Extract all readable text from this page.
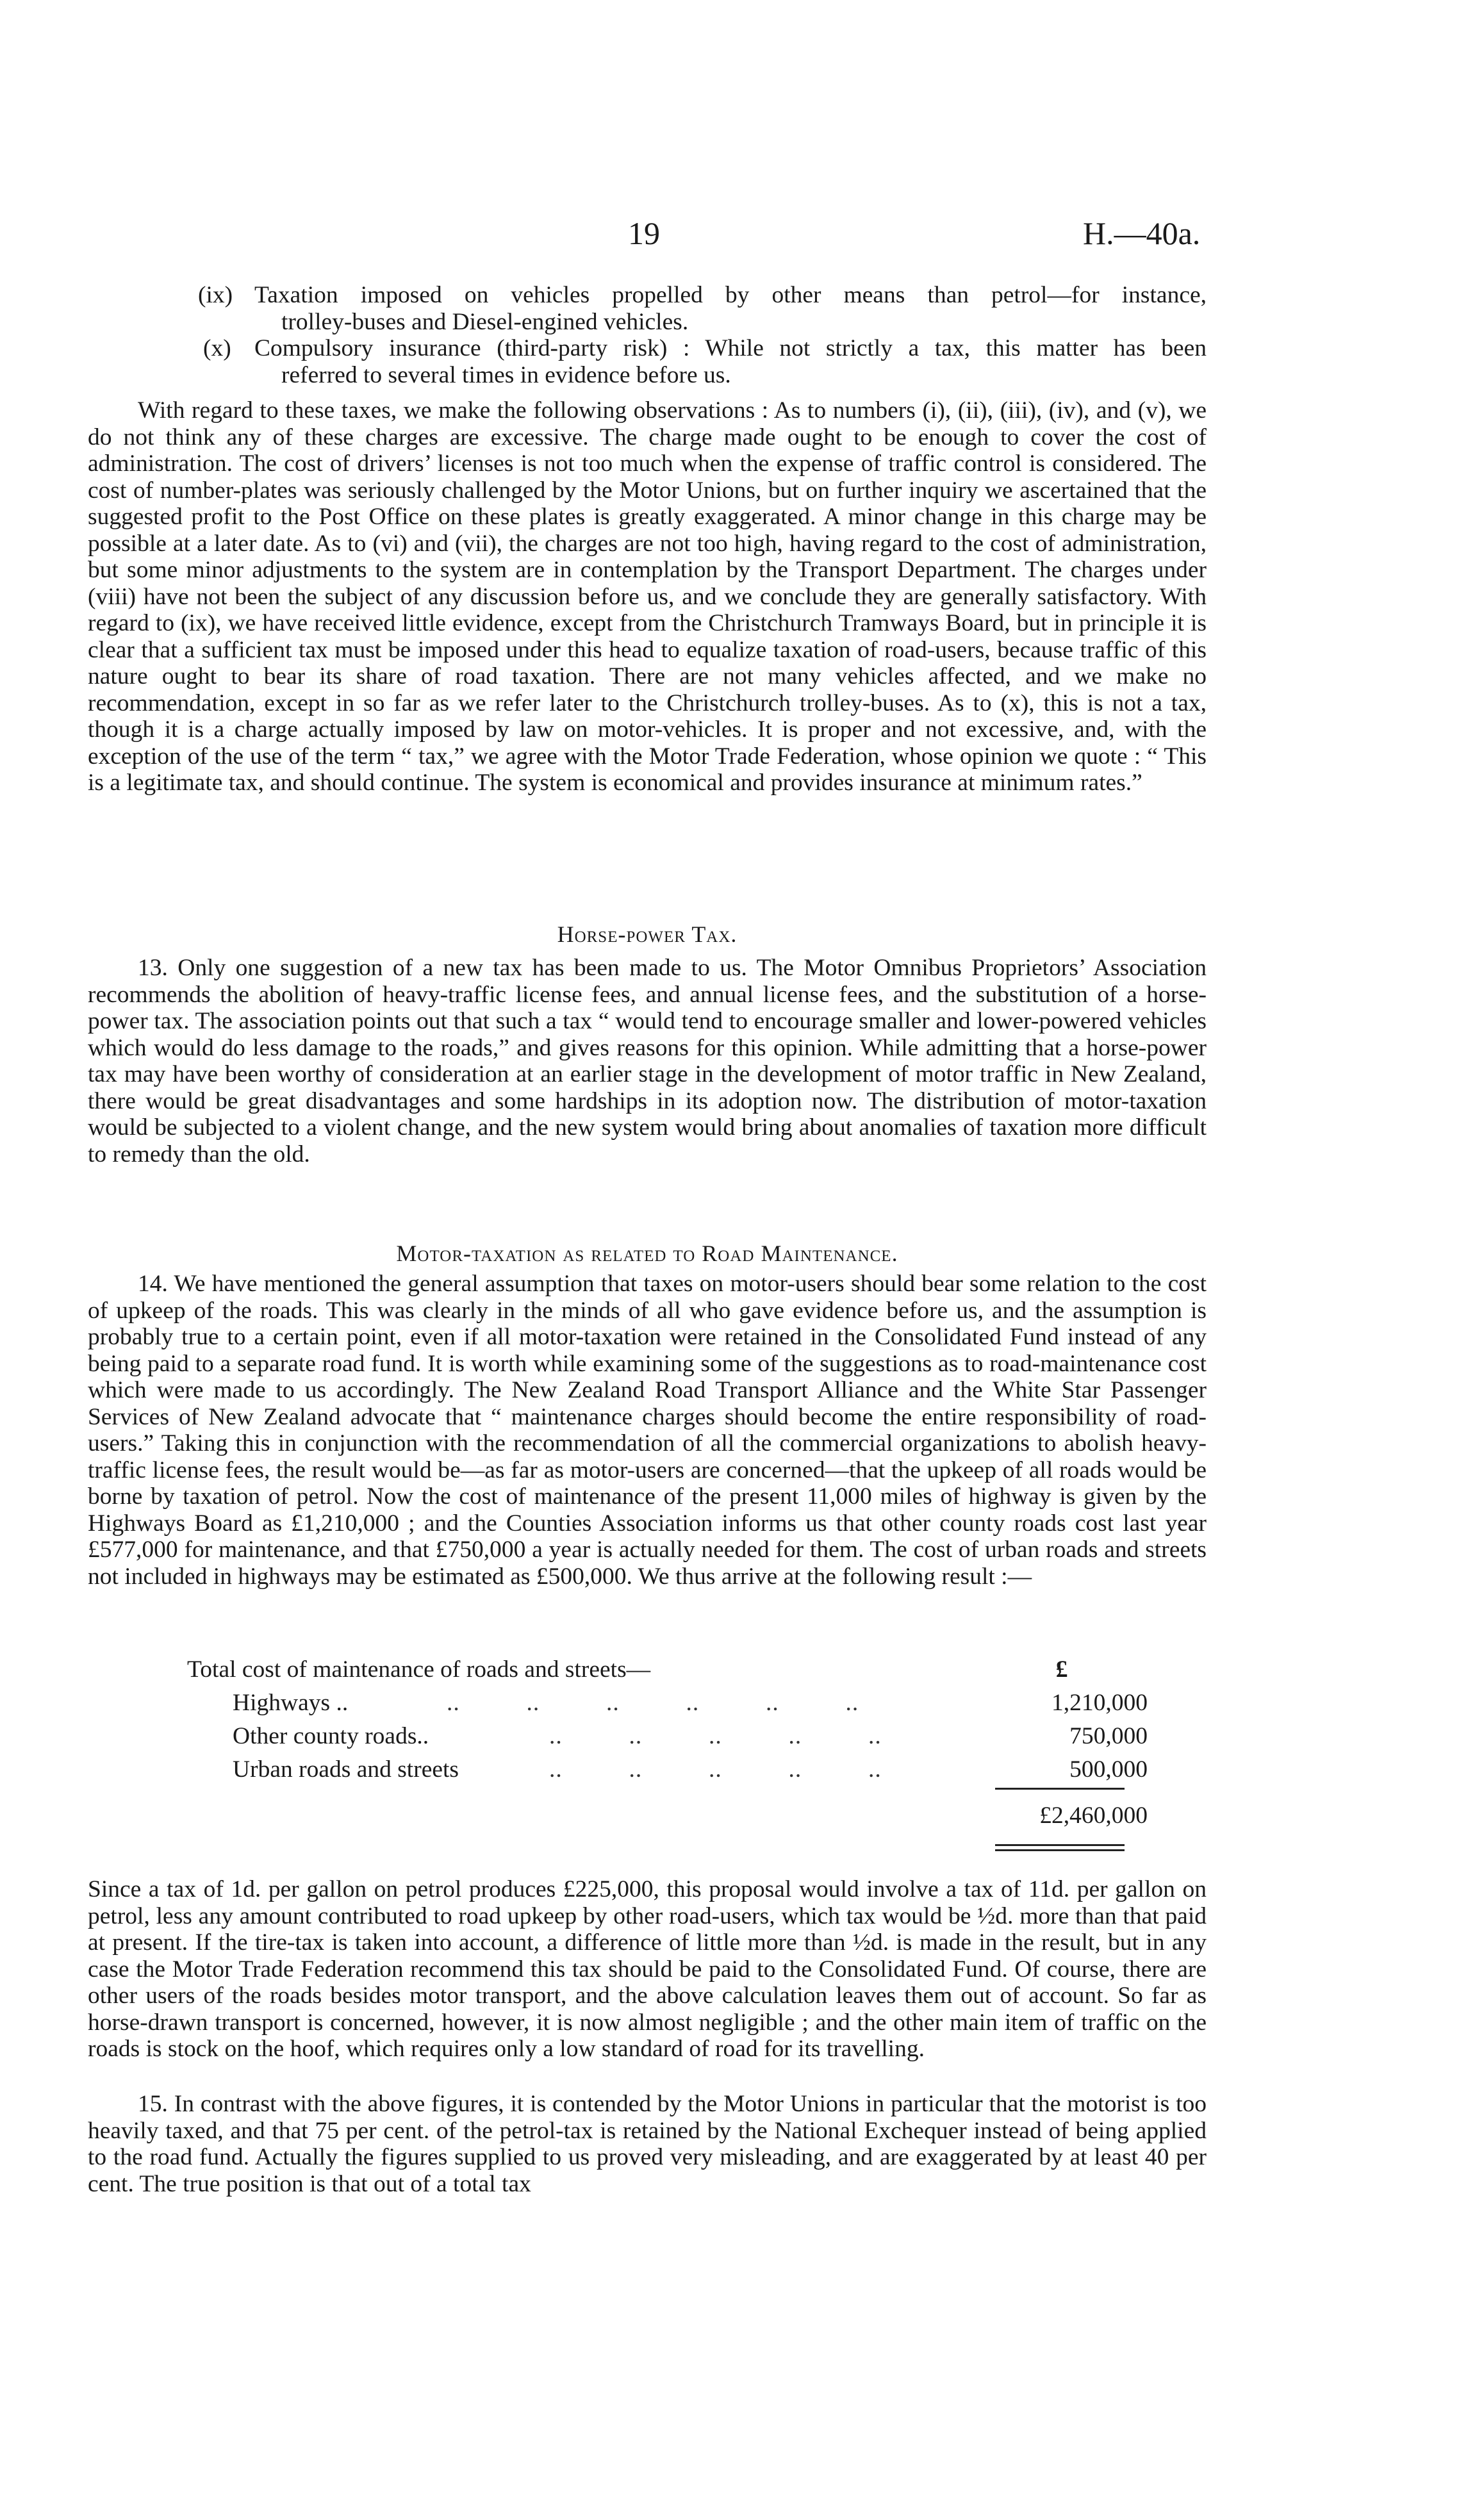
19	H.—40a.
(ix) Taxation imposed on vehicles propelled by other means than petrol—for instance,
trolley-buses and Diesel-engined vehicles.
(x) Compulsory insurance (third-party risk) : While not strictly a tax, this matter has been
referred to several times in evidence before us.

With regard to these taxes, we make the following observations : As to numbers (i), (ii), (iii), (iv), and (v), we do not think any of these charges are excessive. The charge made ought to be enough to cover the cost of administration. The cost of drivers’ licenses is not too much when the expense of traffic control is considered. The cost of number-plates was seriously challenged by the Motor Unions, but on further inquiry we ascertained that the suggested profit to the Post Office on these plates is greatly exaggerated. A minor change in this charge may be possible at a later date. As to (vi) and (vii), the charges are not too high, having regard to the cost of administration, but some minor adjustments to the system are in contemplation by the Transport Department. The charges under (viii) have not been the subject of any discussion before us, and we conclude they are generally satisfactory. With regard to (ix), we have received little evidence, except from the Christchurch Tramways Board, but in principle it is clear that a sufficient tax must be imposed under this head to equalize taxation of road-users, because traffic of this nature ought to bear its share of road taxation. There are not many vehicles affected, and we make no recommendation, except in so far as we refer later to the Christchurch trolley-buses. As to (x), this is not a tax, though it is a charge actually imposed by law on motor-vehicles. It is proper and not excessive, and, with the exception of the use of the term “ tax,” we agree with the Motor Trade Federation, whose opinion we quote : “ This is a legitimate tax, and should continue. The system is economical and provides insurance at minimum rates.”

Horse-power Tax.

13. Only one suggestion of a new tax has been made to us. The Motor Omnibus Proprietors’ Association recommends the abolition of heavy-traffic license fees, and annual license fees, and the substitution of a horse-power tax. The association points out that such a tax “ would tend to encourage smaller and lower-powered vehicles which would do less damage to the roads,” and gives reasons for this opinion. While admitting that a horse-power tax may have been worthy of consideration at an earlier stage in the development of motor traffic in New Zealand, there would be great disadvantages and some hardships in its adoption now. The distribution of motor-taxation would be subjected to a violent change, and the new system would bring about anomalies of taxation more difficult to remedy than the old.

Motor-taxation as related to Road Maintenance.

14. We have mentioned the general assumption that taxes on motor-users should bear some relation to the cost of upkeep of the roads. This was clearly in the minds of all who gave evidence before us, and the assumption is probably true to a certain point, even if all motor-taxation were retained in the Consolidated Fund instead of any being paid to a separate road fund. It is worth while examining some of the suggestions as to road-maintenance cost which were made to us accordingly. The New Zealand Road Transport Alliance and the White Star Passenger Services of New Zealand advocate that “ maintenance charges should become the entire responsibility of road-users.” Taking this in conjunction with the recommendation of all the commercial organizations to abolish heavy-traffic license fees, the result would be—as far as motor-users are concerned—that the upkeep of all roads would be borne by taxation of petrol. Now the cost of maintenance of the present 11,000 miles of highway is given by the Highways Board as £1,210,000 ; and the Counties Association informs us that other county roads cost last year £577,000 for maintenance, and that £750,000 a year is actually needed for them. The cost of urban roads and streets not included in highways may be estimated as £500,000. We thus arrive at the following result :—

Total cost of maintenance of roads and streets—	£
Highways ..	..          ..          ..          ..          ..          ..	1,210,000
Other county roads..	..          ..          ..          ..          ..	750,000
Urban roads and streets	..          ..          ..          ..          ..	500,000
£2,460,000

Since a tax of 1d. per gallon on petrol produces £225,000, this proposal would involve a tax of 11d. per gallon on petrol, less any amount contributed to road upkeep by other road-users, which tax would be ½d. more than that paid at present. If the tire-tax is taken into account, a difference of little more than ½d. is made in the result, but in any case the Motor Trade Federation recommend this tax should be paid to the Consolidated Fund. Of course, there are other users of the roads besides motor transport, and the above calculation leaves them out of account. So far as horse-drawn transport is concerned, however, it is now almost negligible ; and the other main item of traffic on the roads is stock on the hoof, which requires only a low standard of road for its travelling.

15. In contrast with the above figures, it is contended by the Motor Unions in particular that the motorist is too heavily taxed, and that 75 per cent. of the petrol-tax is retained by the National Exchequer instead of being applied to the road fund. Actually the figures supplied to us proved very misleading, and are exaggerated by at least 40 per cent. The true position is that out of a total tax
